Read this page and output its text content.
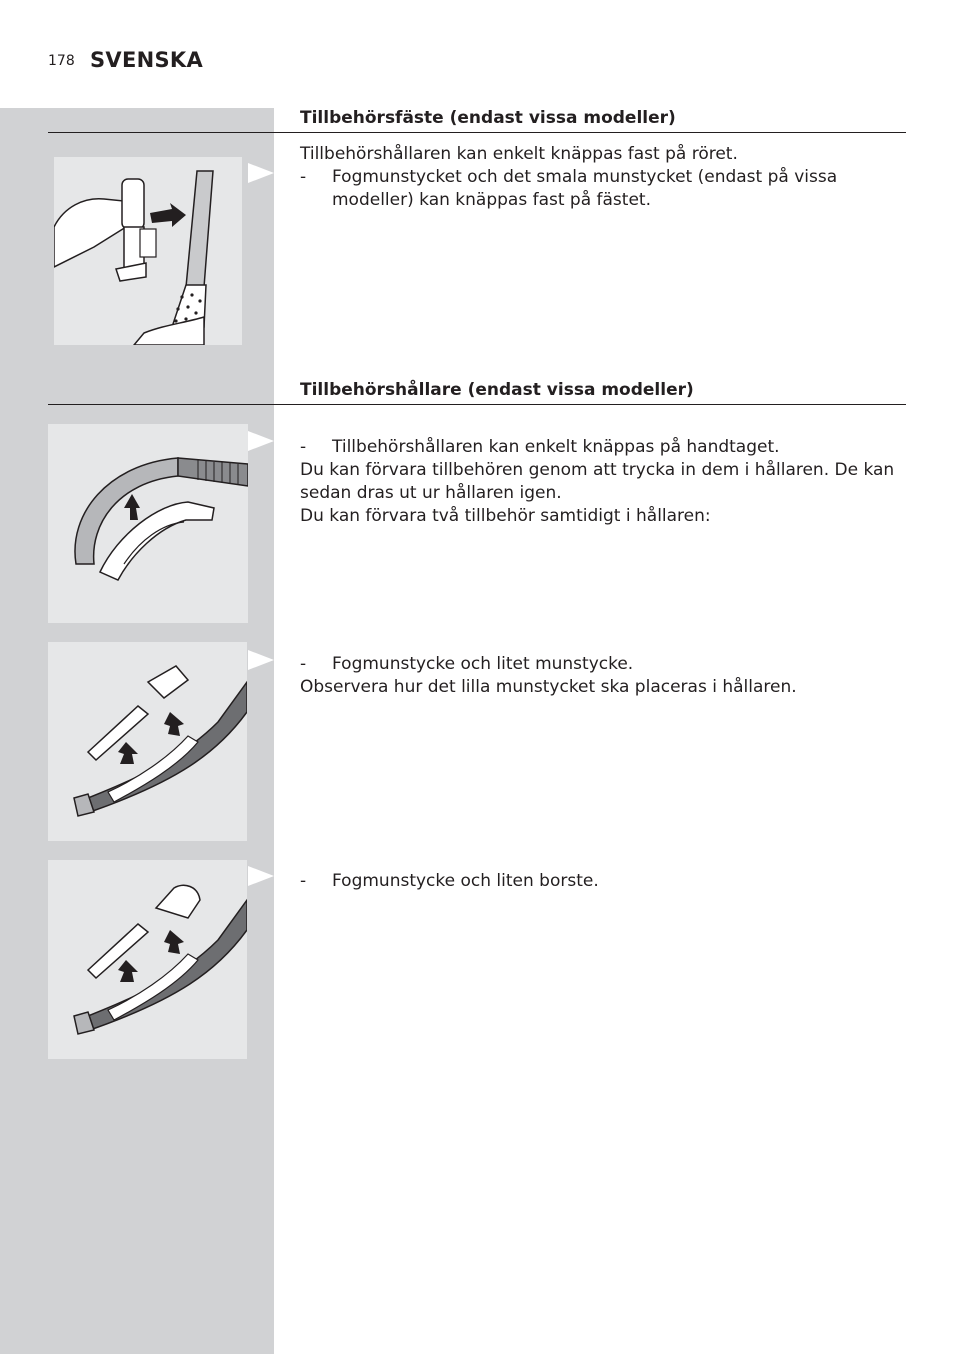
178 SVENSKA
Tillbehörsfäste (endast vissa modeller)

Tillbehörshållaren kan enkelt knäppas fast på röret.

- Fogmunstycket och det smala munstycket (endast på vissa modeller) kan knäppas fast på fästet.

Tillbehörshållare (endast vissa modeller)

- Tillbehörshållaren kan enkelt knäppas på handtaget.

Du kan förvara tillbehören genom att trycka in dem i hållaren. De kan sedan dras ut ur hållaren igen.

Du kan förvara två tillbehör samtidigt i hållaren:

- Fogmunstycke och litet munstycke.

Observera hur det lilla munstycket ska placeras i hållaren.

- Fogmunstycke och liten borste.
